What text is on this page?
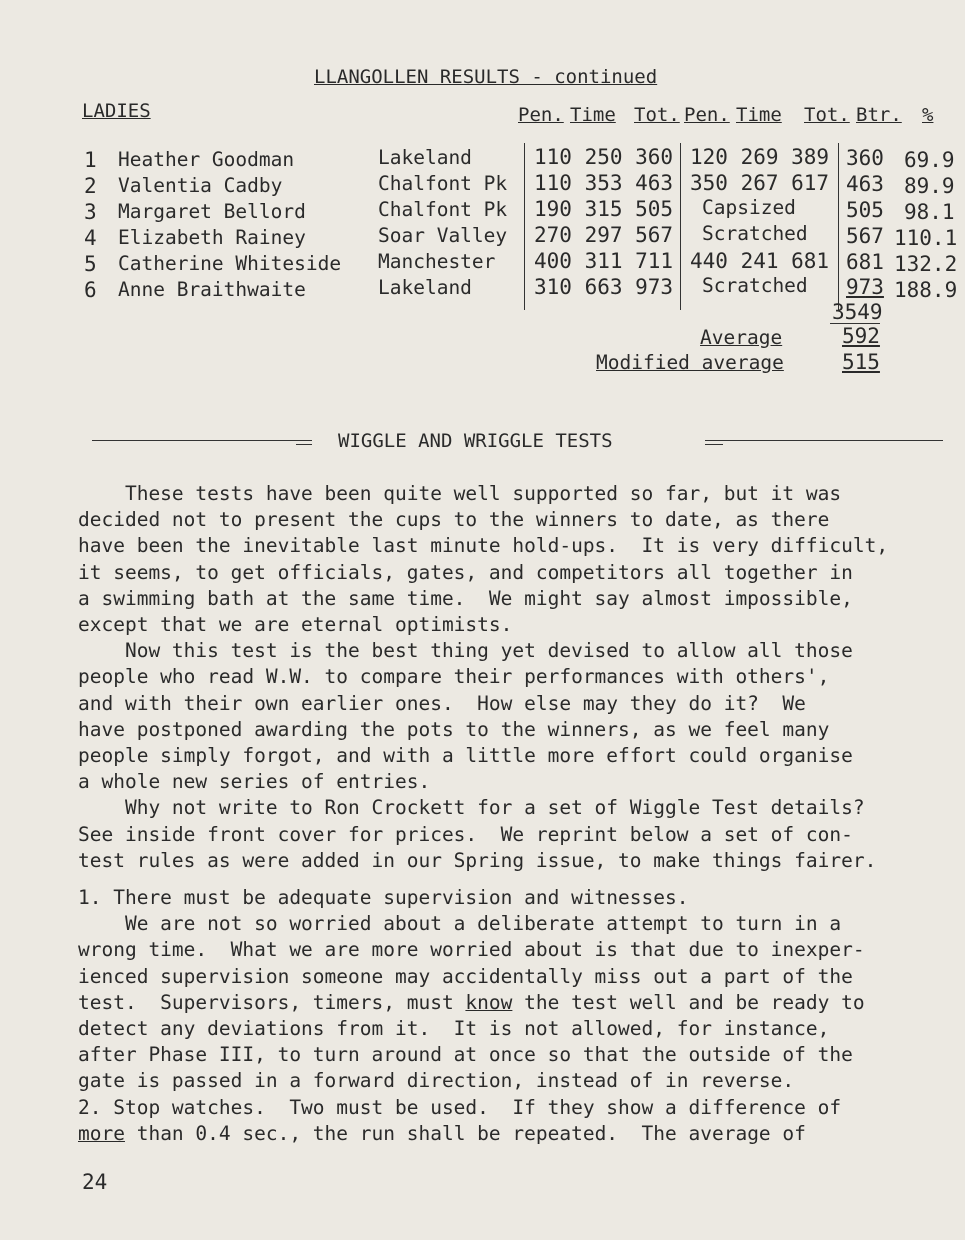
LLANGOLLEN RESULTS - continued
LADIES	Pen. Time Tot. Pen. Time Tot. Btr. %
1 Heather Goodman	Lakeland	110 250 360 120 269 389 360 69.9
2 Valentia Cadby	Chalfont Pk 110 353 463 350 267 617 463 89.9
3 Margaret Bellord	Chalfont Pk 190 315 505 Capsized 505 98.1
4 Elizabeth Rainey	Soar Valley 270 297 567 Scratched 567 110.1
5 Catherine Whiteside Manchester 400 311 711 440 241 681 681 132.2
6 Anne Braithwaite	Lakeland	310 663 973 Scratched 973 188.9
3549
Average	592
Modified average	515
WIGGLE AND WRIGGLE TESTS

These tests have been quite well supported so far, but it was
decided not to present the cups to the winners to date, as there
have been the inevitable last minute hold-ups.  It is very difficult,
it seems, to get officials, gates, and competitors all together in
a swimming bath at the same time.  We might say almost impossible,
except that we are eternal optimists.

Now this test is the best thing yet devised to allow all those
people who read W.W. to compare their performances with others',
and with their own earlier ones.  How else may they do it?  We
have postponed awarding the pots to the winners, as we feel many
people simply forgot, and with a little more effort could organise
a whole new series of entries.

Why not write to Ron Crockett for a set of Wiggle Test details?
See inside front cover for prices.  We reprint below a set of con-
test rules as were added in our Spring issue, to make things fairer.

1. There must be adequate supervision and witnesses.

We are not so worried about a deliberate attempt to turn in a

wrong time.  What we are more worried about is that due to inexper-

ienced supervision someone may accidentally miss out a part of the

test.  Supervisors, timers, must know the test well and be ready to

detect any deviations from it.  It is not allowed, for instance,

after Phase III, to turn around at once so that the outside of the

gate is passed in a forward direction, instead of in reverse.

2. Stop watches.  Two must be used.  If they show a difference of

more than 0.4 sec., the run shall be repeated.  The average of

24
